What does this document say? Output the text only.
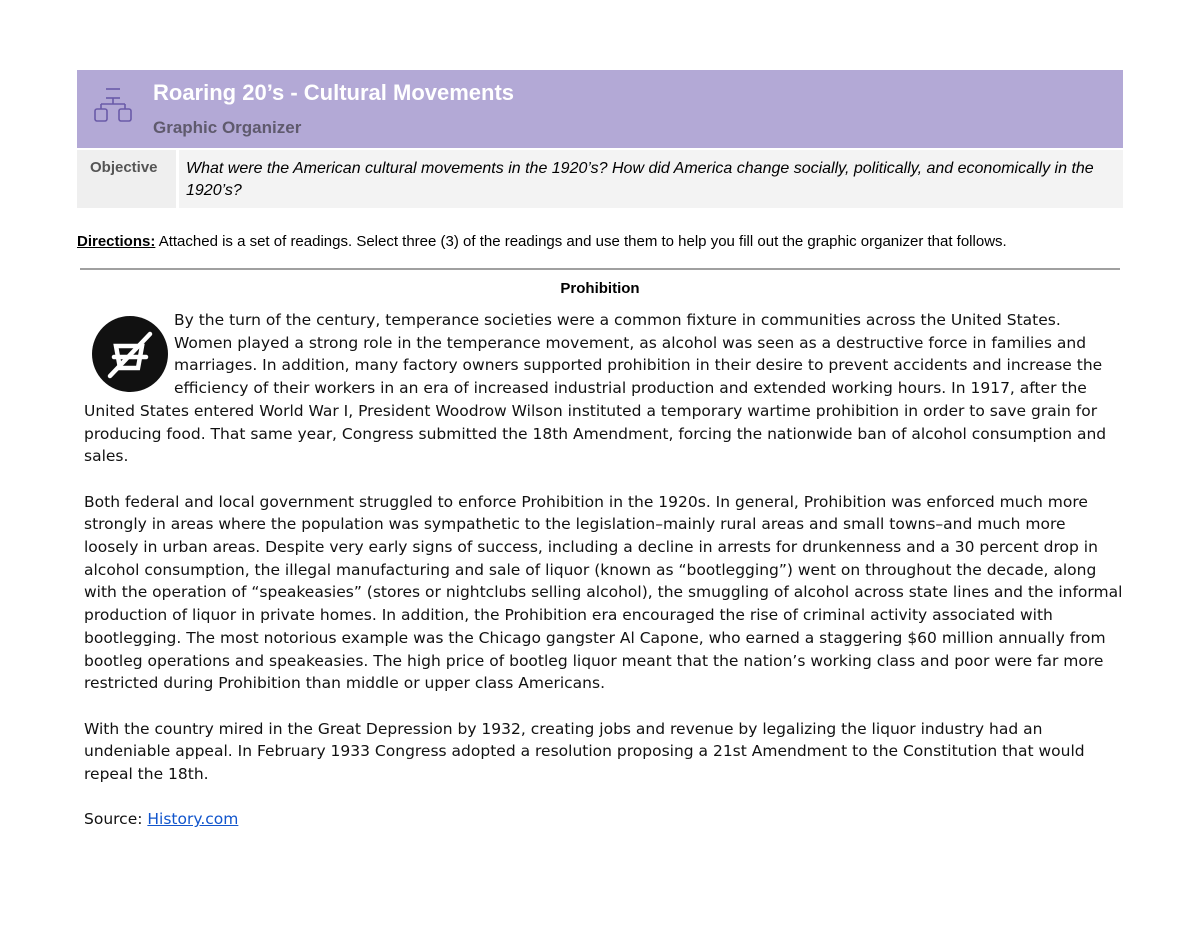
Roaring 20’s - Cultural Movements
Graphic Organizer
Objective What were the American cultural movements in the 1920’s? How did America change socially, politically, and economically in the 1920’s?
Directions: Attached is a set of readings. Select three (3) of the readings and use them to help you fill out the graphic organizer that follows.
Prohibition

By the turn of the century, temperance societies were a common fixture in communities across the United States. Women played a strong role in the temperance movement, as alcohol was seen as a destructive force in families and marriages. In addition, many factory owners supported prohibition in their desire to prevent accidents and increase the efficiency of their workers in an era of increased industrial production and extended working hours. In 1917, after the United States entered World War I, President Woodrow Wilson instituted a temporary wartime prohibition in order to save grain for producing food. That same year, Congress submitted the 18th Amendment, forcing the nationwide ban of alcohol consumption and sales.

Both federal and local government struggled to enforce Prohibition in the 1920s. In general, Prohibition was enforced much more strongly in areas where the population was sympathetic to the legislation–mainly rural areas and small towns–and much more loosely in urban areas. Despite very early signs of success, including a decline in arrests for drunkenness and a 30 percent drop in alcohol consumption, the illegal manufacturing and sale of liquor (known as “bootlegging”) went on throughout the decade, along with the operation of “speakeasies” (stores or nightclubs selling alcohol), the smuggling of alcohol across state lines and the informal production of liquor in private homes. In addition, the Prohibition era encouraged the rise of criminal activity associated with bootlegging. The most notorious example was the Chicago gangster Al Capone, who earned a staggering $60 million annually from bootleg operations and speakeasies. The high price of bootleg liquor meant that the nation’s working class and poor were far more restricted during Prohibition than middle or upper class Americans.

With the country mired in the Great Depression by 1932, creating jobs and revenue by legalizing the liquor industry had an undeniable appeal. In February 1933 Congress adopted a resolution proposing a 21st Amendment to the Constitution that would repeal the 18th.

Source: History.com
